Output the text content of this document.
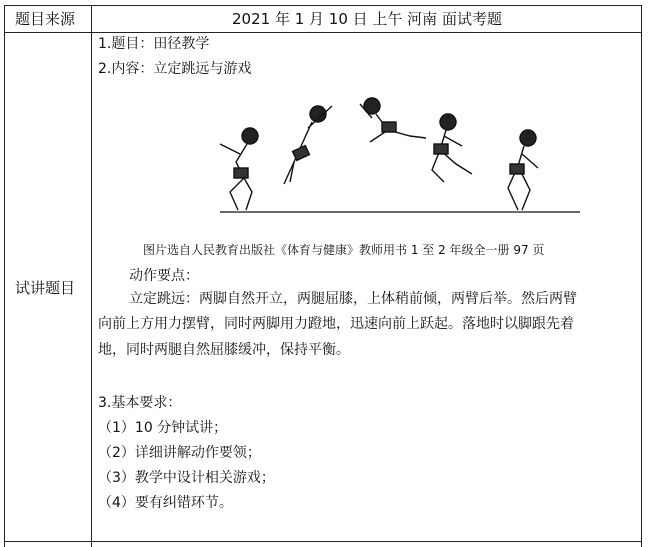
题目来源	2021 年 1 月 10 日 上午 河南 面试考题
试讲题目
1.题目：田径教学
2.内容：立定跳远与游戏
图片选自人民教育出版社《体育与健康》教师用书 1 至 2 年级全一册 97 页
动作要点：
立定跳远：两脚自然开立，两腿屈膝，上体稍前倾，两臂后举。然后两臂
向前上方用力摆臂，同时两脚用力蹬地，迅速向前上跃起。落地时以脚跟先着
地，同时两腿自然屈膝缓冲，保持平衡。
3.基本要求：
（1）10 分钟试讲；
（2）详细讲解动作要领；
（3）教学中设计相关游戏；
（4）要有纠错环节。
